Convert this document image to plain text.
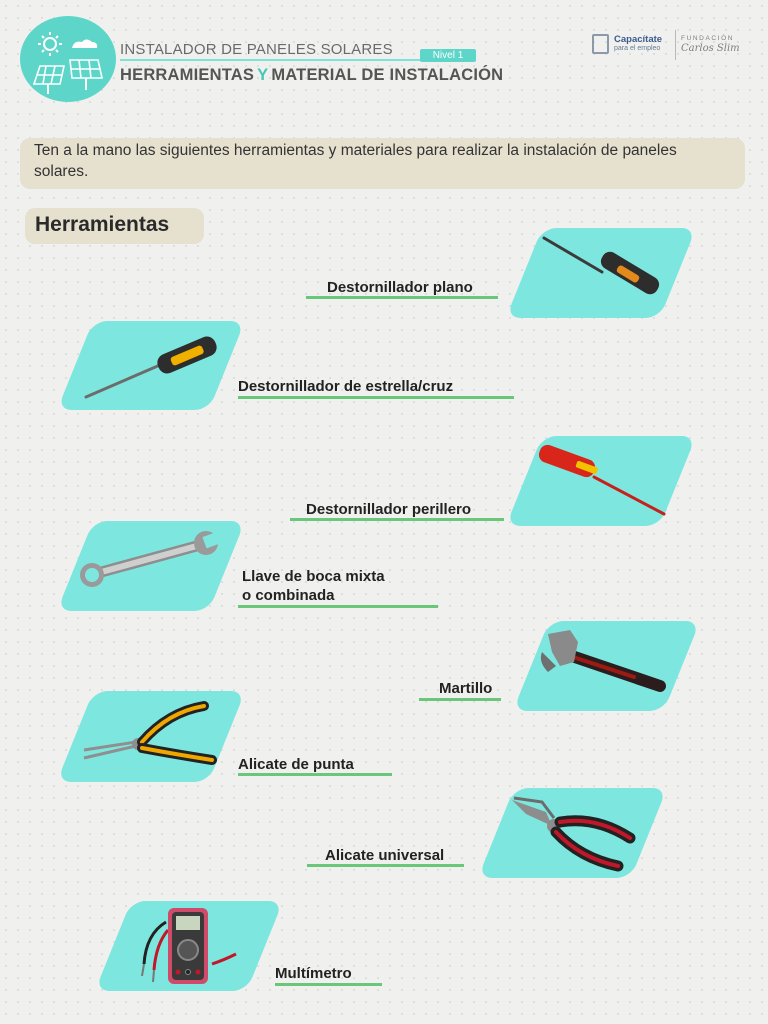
INSTALADOR DE PANELES SOLARES	Nivel 1
HERRAMIENTAS Y MATERIAL DE INSTALACIÓN
Capacítate
para el empleo
FUNDACIÓN
Carlos Slim
Ten a la mano las siguientes herramientas y materiales para realizar la instalación de paneles solares.
Herramientas
Destornillador plano
Destornillador de estrella/cruz
Destornillador perillero
Llave de boca mixta
o combinada
Martillo
Alicate de punta
Alicate universal
Multímetro
